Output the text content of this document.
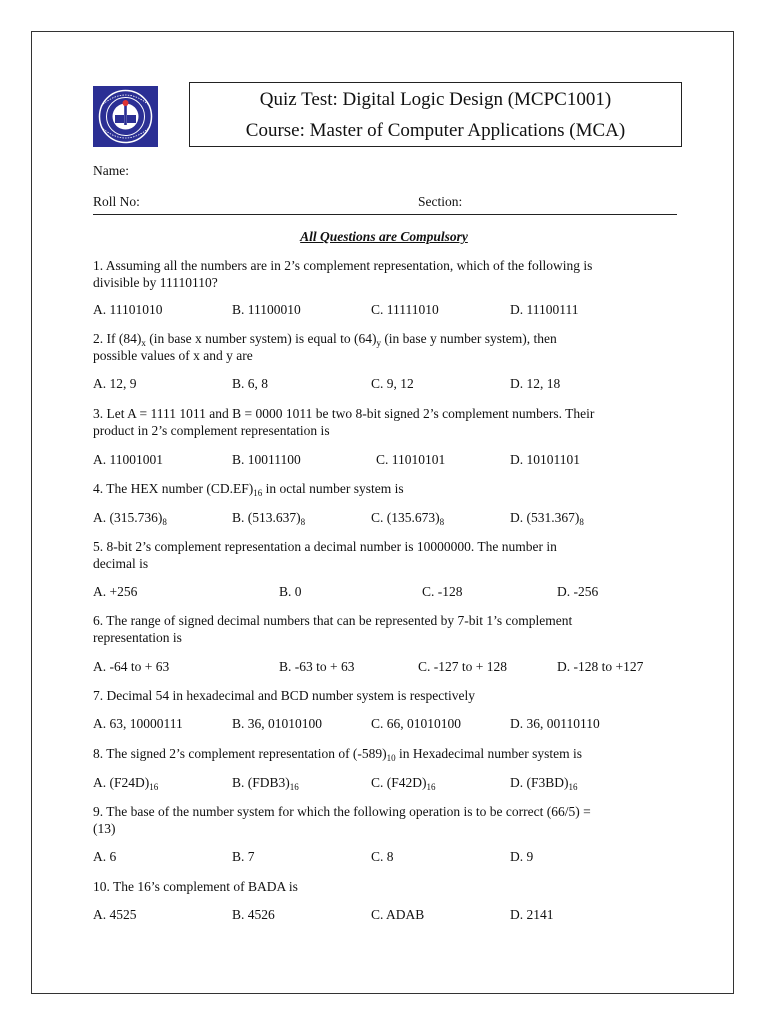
Quiz Test: Digital Logic Design (MCPC1001)
Course: Master of Computer Applications (MCA)
Name:
Roll No:	Section:
All Questions are Compulsory
1. Assuming all the numbers are in 2’s complement representation, which of the following is
divisible by 11110110?
A. 11101010	B. 11100010	C. 11111010	D. 11100111
2. If $(84)_x$ (in base x number system) is equal to $(64)_y$ (in base y number system), then
possible values of x and y are
A. 12, 9	B. 6, 8	C. 9, 12	D. 12, 18
3. Let A = 1111 1011 and B = 0000 1011 be two 8-bit signed 2’s complement numbers. Their
product in 2’s complement representation is
A. 11001001	B. 10011100	C. 11010101	D. 10101101
4. The HEX number $(CD.EF)_{16}$ in octal number system is
A. $(315.736)_8$	B. $(513.637)_8$	C. $(135.673)_8$	D. $(531.367)_8$
5. 8-bit 2’s complement representation a decimal number is 10000000. The number in
decimal is
A. +256	B. 0	C. -128	D. -256
6. The range of signed decimal numbers that can be represented by 7-bit 1’s complement
representation is
A. -64 to + 63	B. -63 to + 63	C. -127 to + 128	D. -128 to +127
7. Decimal 54 in hexadecimal and BCD number system is respectively
A. 63, 10000111	B. 36, 01010100	C. 66, 01010100	D. 36, 00110110
8. The signed 2’s complement representation of $(-589)_{10}$ in Hexadecimal number system is
A. $(F24D)_{16}$	B. $(FDB3)_{16}$	C. $(F42D)_{16}$	D. $(F3BD)_{16}$
9. The base of the number system for which the following operation is to be correct (66/5) =
(13)
A. 6	B. 7	C. 8	D. 9
10. The 16’s complement of BADA is
A. 4525	B. 4526	C. ADAB	D. 2141
